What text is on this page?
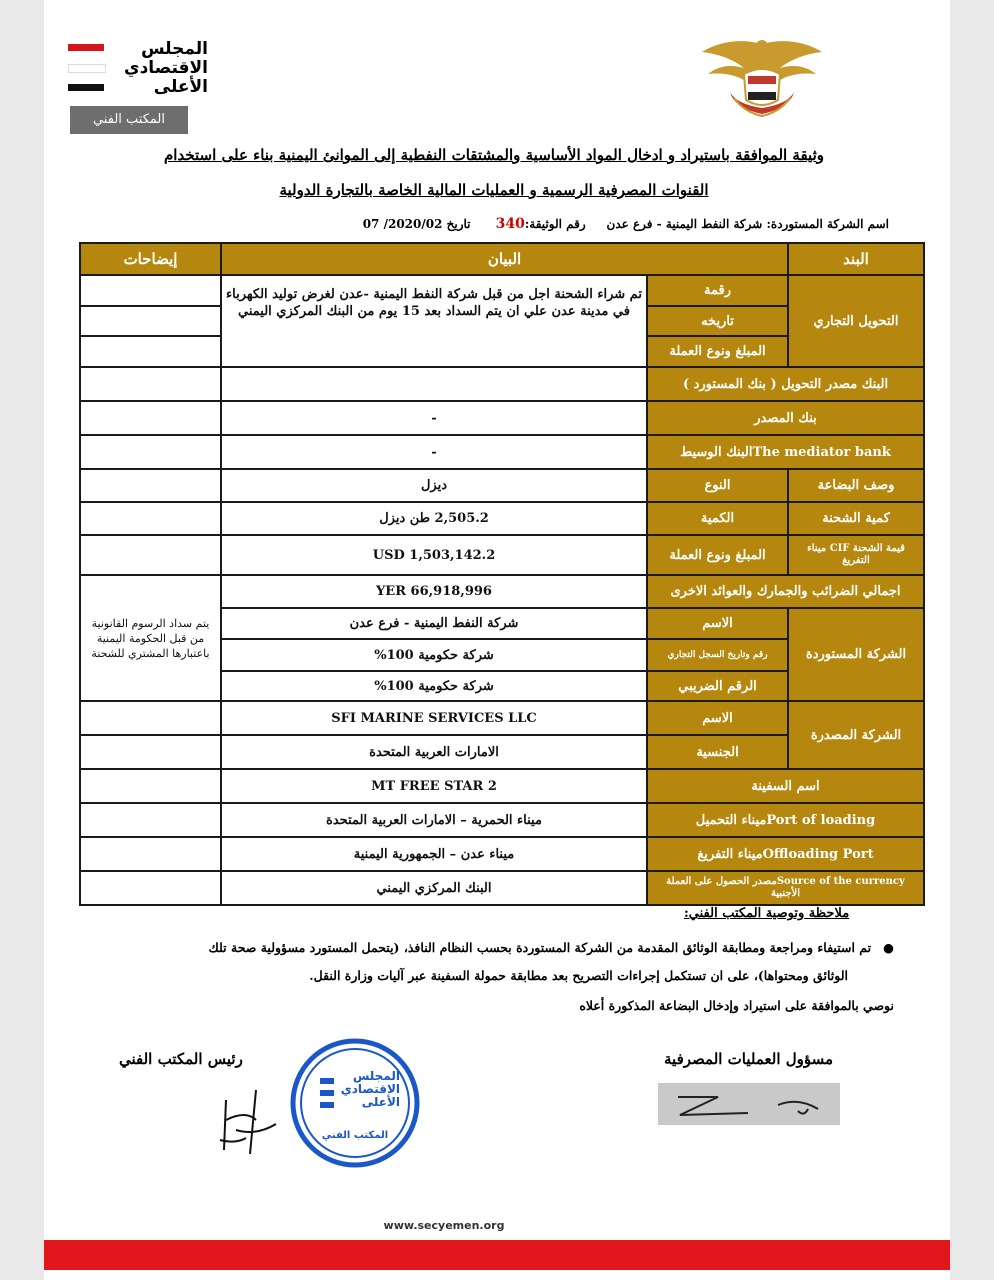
المجلس
الاقتصادي
الأعلى
المكتب الفني
وثيقة الموافقة باستيراد و ادخال المواد الأساسية والمشتقات النفطية إلى الموانئ اليمنية بناء على استخدام
القنوات المصرفية الرسمية و العمليات المالية الخاصة بالتجارة الدولية
اسم الشركة المستوردة: شركة النفط اليمنية - فرع عدن     رقم الوثيقة:340      تاريخ 2020/02/ 07
البند
البيان
إيضاحات
التحويل التجاري
رقمة
تاريخه
المبلغ ونوع العملة
تم شراء الشحنة اجل من قبل شركة النفط اليمنية -عدن لغرض توليد الكهرباء في مدينة عدن علي ان يتم السداد بعد 15 يوم من البنك المركزي اليمني
البنك مصدر التحويل ( بنك المستورد )
بنك المصدر
-
The mediator bankالبنك الوسيط
-
وصف البضاعة
النوع
ديزل
كمية الشحنة
الكمية
2,505.2 طن ديزل
قيمة الشحنة CIF ميناء التفريغ
المبلغ ونوع العملة
1,503,142.2 USD
اجمالي الضرائب والجمارك والعوائد الاخرى
YER 66,918,996
يتم سداد الرسوم القانونية من قبل الحكومة اليمنية باعتبارها المشتري للشحنة	الشركة المستوردة
الاسم
رقم وتاريخ السجل التجاري
الرقم الضريبي
شركة النفط اليمنية - فرع عدن
شركة حكومية 100%
شركة حكومية 100%
الشركة المصدرة
الاسم
الجنسية
SFI MARINE SERVICES LLC
الامارات العربية المتحدة
اسم السفينة
MT FREE STAR 2
Port of loadingميناء التحميل
ميناء الحمرية – الامارات العربية المتحدة
Offloading Portميناء التفريغ
ميناء عدن – الجمهورية اليمنية
Source of the currencyمصدر الحصول على العملة الأجنبية
البنك المركزي اليمني
ملاحظة وتوصية المكتب الفني:
●تم استيفاء ومراجعة ومطابقة الوثائق المقدمة من الشركة المستوردة بحسب النظام النافذ، (يتحمل المستورد مسؤولية صحة تلك
الوثائق ومحتواها)، على ان تستكمل إجراءات التصريح بعد مطابقة حمولة السفينة عبر آليات وزارة النقل.
نوصي بالموافقة على استيراد وإدخال البضاعة المذكورة أعلاه
مسؤول العمليات المصرفية
رئيس المكتب الفني
المجلس
الاقتصادي
الأعلى
المكتب الفني
www.secyemen.org
